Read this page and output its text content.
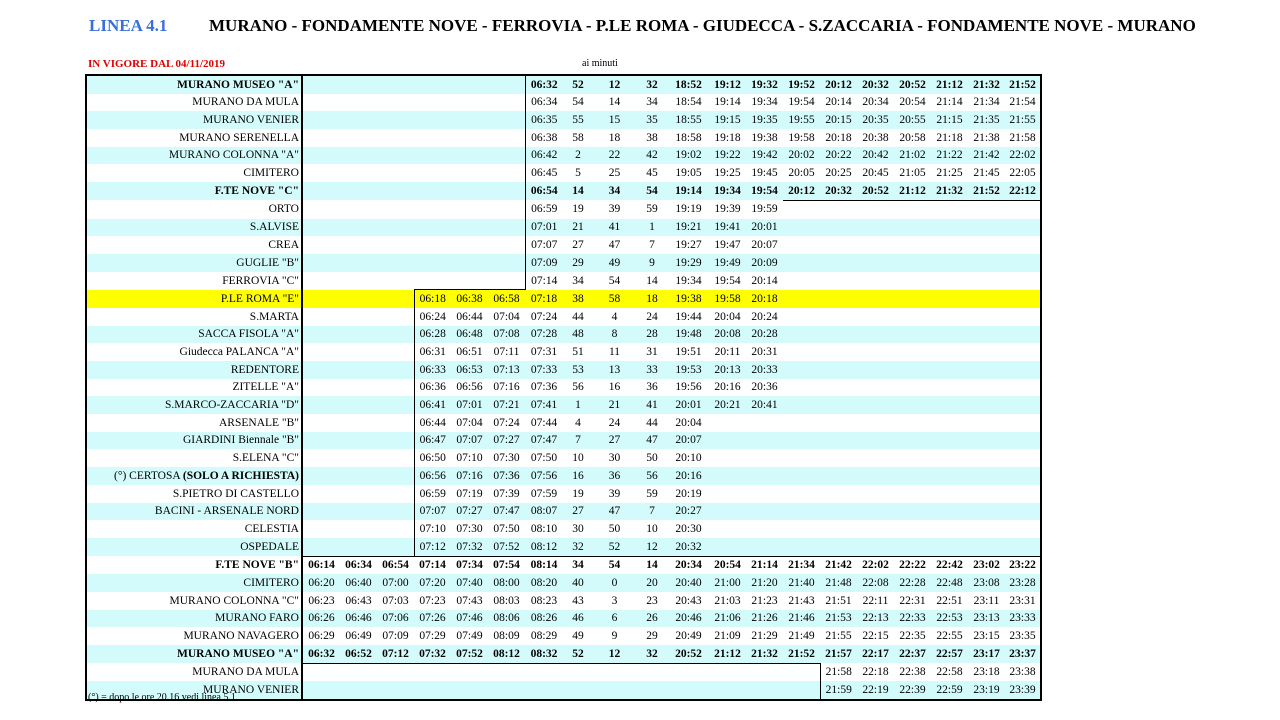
LINEA 4.1 MURANO - FONDAMENTE NOVE - FERROVIA - P.LE ROMA - GIUDECCA - S.ZACCARIA - FONDAMENTE NOVE - MURANO
IN VIGORE DAL 04/11/2019	ai minuti
MURANO MUSEO "A"							06:32	52	12	32	18:52	19:12	19:32	19:52	20:12	20:32	20:52	21:12	21:32	21:52
MURANO DA MULA							06:34	54	14	34	18:54	19:14	19:34	19:54	20:14	20:34	20:54	21:14	21:34	21:54
MURANO VENIER							06:35	55	15	35	18:55	19:15	19:35	19:55	20:15	20:35	20:55	21:15	21:35	21:55
MURANO SERENELLA							06:38	58	18	38	18:58	19:18	19:38	19:58	20:18	20:38	20:58	21:18	21:38	21:58
MURANO COLONNA "A"							06:42	2	22	42	19:02	19:22	19:42	20:02	20:22	20:42	21:02	21:22	21:42	22:02
CIMITERO							06:45	5	25	45	19:05	19:25	19:45	20:05	20:25	20:45	21:05	21:25	21:45	22:05
F.TE NOVE "C"							06:54	14	34	54	19:14	19:34	19:54	20:12	20:32	20:52	21:12	21:32	21:52	22:12
ORTO							06:59	19	39	59	19:19	19:39	19:59							
S.ALVISE							07:01	21	41	1	19:21	19:41	20:01							
CREA							07:07	27	47	7	19:27	19:47	20:07							
GUGLIE "B"							07:09	29	49	9	19:29	19:49	20:09							
FERROVIA "C"							07:14	34	54	14	19:34	19:54	20:14							
P.LE ROMA "E"				06:18	06:38	06:58	07:18	38	58	18	19:38	19:58	20:18							
S.MARTA				06:24	06:44	07:04	07:24	44	4	24	19:44	20:04	20:24							
SACCA FISOLA "A"				06:28	06:48	07:08	07:28	48	8	28	19:48	20:08	20:28							
Giudecca PALANCA "A"				06:31	06:51	07:11	07:31	51	11	31	19:51	20:11	20:31							
REDENTORE				06:33	06:53	07:13	07:33	53	13	33	19:53	20:13	20:33							
ZITELLE "A"				06:36	06:56	07:16	07:36	56	16	36	19:56	20:16	20:36							
S.MARCO-ZACCARIA "D"				06:41	07:01	07:21	07:41	1	21	41	20:01	20:21	20:41							
ARSENALE "B"				06:44	07:04	07:24	07:44	4	24	44	20:04									
GIARDINI Biennale "B"				06:47	07:07	07:27	07:47	7	27	47	20:07									
S.ELENA "C"				06:50	07:10	07:30	07:50	10	30	50	20:10									
(°) CERTOSA (SOLO A RICHIESTA)				06:56	07:16	07:36	07:56	16	36	56	20:16									
S.PIETRO DI CASTELLO				06:59	07:19	07:39	07:59	19	39	59	20:19									
BACINI - ARSENALE NORD				07:07	07:27	07:47	08:07	27	47	7	20:27									
CELESTIA				07:10	07:30	07:50	08:10	30	50	10	20:30									
OSPEDALE				07:12	07:32	07:52	08:12	32	52	12	20:32									
F.TE NOVE "B"	06:14	06:34	06:54	07:14	07:34	07:54	08:14	34	54	14	20:34	20:54	21:14	21:34	21:42	22:02	22:22	22:42	23:02	23:22
CIMITERO	06:20	06:40	07:00	07:20	07:40	08:00	08:20	40	0	20	20:40	21:00	21:20	21:40	21:48	22:08	22:28	22:48	23:08	23:28
MURANO COLONNA "C"	06:23	06:43	07:03	07:23	07:43	08:03	08:23	43	3	23	20:43	21:03	21:23	21:43	21:51	22:11	22:31	22:51	23:11	23:31
MURANO FARO	06:26	06:46	07:06	07:26	07:46	08:06	08:26	46	6	26	20:46	21:06	21:26	21:46	21:53	22:13	22:33	22:53	23:13	23:33
MURANO NAVAGERO	06:29	06:49	07:09	07:29	07:49	08:09	08:29	49	9	29	20:49	21:09	21:29	21:49	21:55	22:15	22:35	22:55	23:15	23:35
MURANO MUSEO "A"	06:32	06:52	07:12	07:32	07:52	08:12	08:32	52	12	32	20:52	21:12	21:32	21:52	21:57	22:17	22:37	22:57	23:17	23:37
MURANO DA MULA															21:58	22:18	22:38	22:58	23:18	23:38
MURANO VENIER															21:59	22:19	22:39	22:59	23:19	23:39
(°) = dopo le ore 20.16 vedi linea 5.1
